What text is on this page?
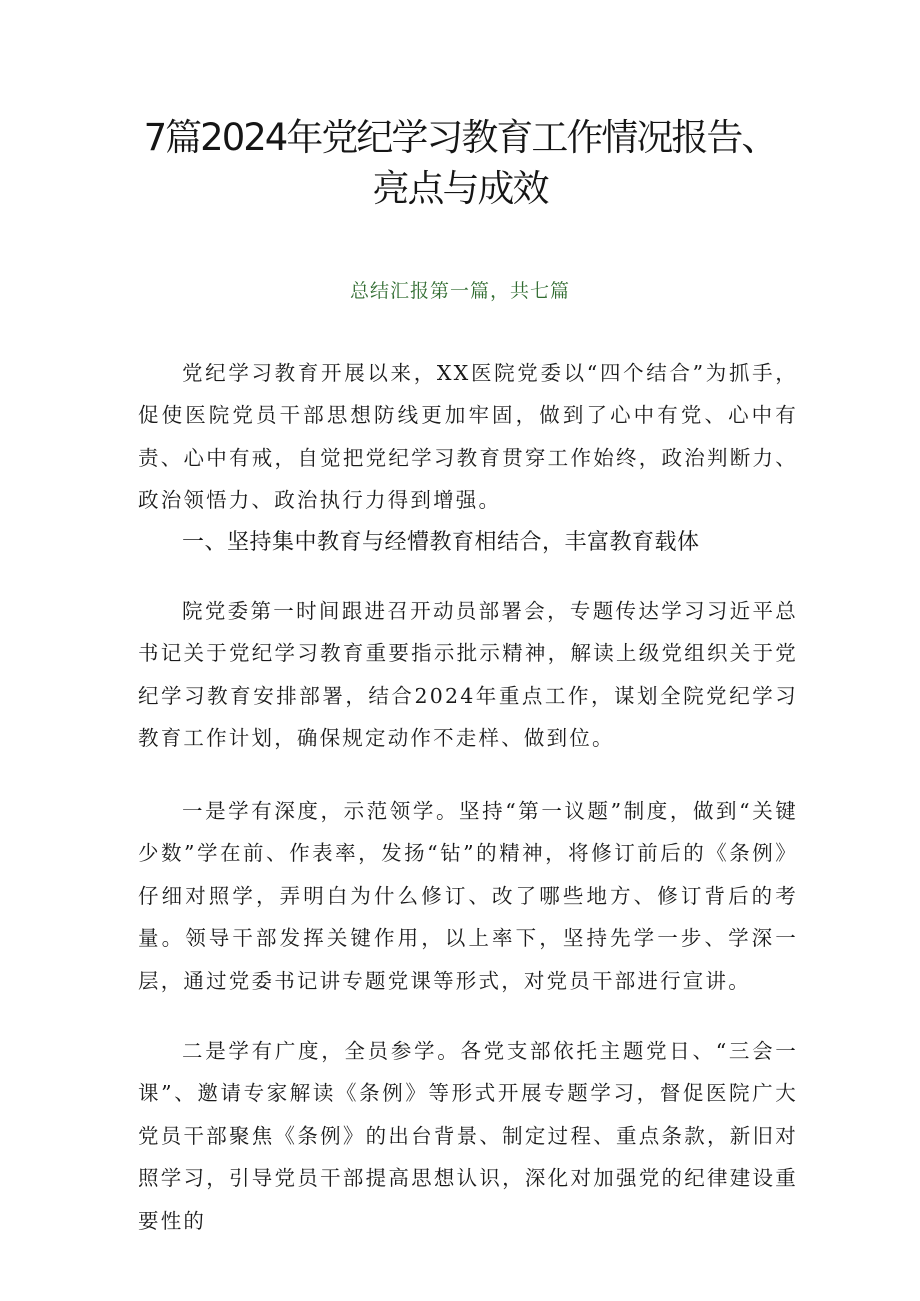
7篇2024年党纪学习教育工作情况报告、
亮点与成效
总结汇报第一篇，共七篇

党纪学习教育开展以来，XX医院党委以“四个结合”为抓手，促使医院党员干部思想防线更加牢固，做到了心中有党、心中有责、心中有戒，自觉把党纪学习教育贯穿工作始终，政治判断力、政治领悟力、政治执行力得到增强。

一、坚持集中教育与经懵教育相结合，丰富教育载体

院党委第一时间跟进召开动员部署会，专题传达学习习近平总书记关于党纪学习教育重要指示批示精神，解读上级党组织关于党纪学习教育安排部署，结合2024年重点工作，谋划全院党纪学习教育工作计划，确保规定动作不走样、做到位。

一是学有深度，示范领学。坚持“第一议题”制度，做到“关键少数”学在前、作表率，发扬“钻”的精神，将修订前后的《条例》仔细对照学，弄明白为什么修订、改了哪些地方、修订背后的考量。领导干部发挥关键作用，以上率下，坚持先学一步、学深一层，通过党委书记讲专题党课等形式，对党员干部进行宣讲。

二是学有广度，全员参学。各党支部依托主题党日、“三会一课”、邀请专家解读《条例》等形式开展专题学习，督促医院广大党员干部聚焦《条例》的出台背景、制定过程、重点条款，新旧对照学习，引导党员干部提高思想认识，深化对加强党的纪律建设重要性的
